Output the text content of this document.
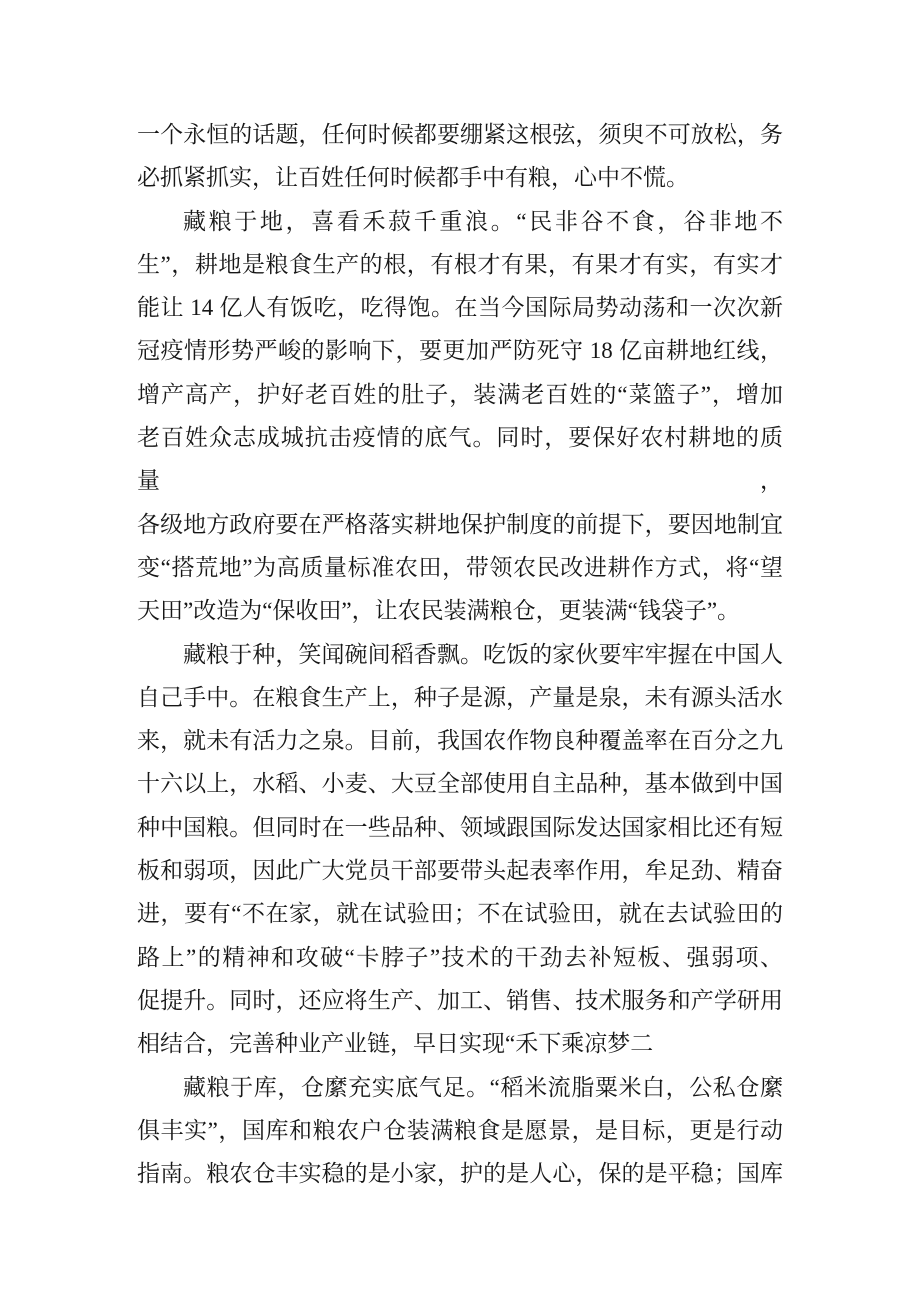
一个永恒的话题，任何时候都要绷紧这根弦，须臾不可放松，务
必抓紧抓实，让百姓任何时候都手中有粮，心中不慌。
藏粮于地，喜看禾菽千重浪。“民非谷不食，谷非地不
生”，耕地是粮食生产的根，有根才有果，有果才有实，有实才
能让 14 亿人有饭吃，吃得饱。在当今国际局势动荡和一次次新
冠疫情形势严峻的影响下，要更加严防死守 18 亿亩耕地红线，
增产高产，护好老百姓的肚子，装满老百姓的“菜篮子”，增加
老百姓众志成城抗击疫情的底气。同时，要保好农村耕地的质量，
各级地方政府要在严格落实耕地保护制度的前提下，要因地制宜
变“搭荒地”为高质量标准农田，带领农民改进耕作方式，将“望
天田”改造为“保收田”，让农民装满粮仓，更装满“钱袋子”。
藏粮于种，笑闻碗间稻香飘。吃饭的家伙要牢牢握在中国人
自己手中。在粮食生产上，种子是源，产量是泉，未有源头活水
来，就未有活力之泉。目前，我国农作物良种覆盖率在百分之九
十六以上，水稻、小麦、大豆全部使用自主品种，基本做到中国
种中国粮。但同时在一些品种、领域跟国际发达国家相比还有短
板和弱项，因此广大党员干部要带头起表率作用，牟足劲、精奋
进，要有“不在家，就在试验田；不在试验田，就在去试验田的
路上”的精神和攻破“卡脖子”技术的干劲去补短板、强弱项、
促提升。同时，还应将生产、加工、销售、技术服务和产学研用
相结合，完善种业产业链，早日实现“禾下乘凉梦二
藏粮于库，仓縻充实底气足。“稻米流脂粟米白，公私仓縻
俱丰实”，国库和粮农户仓装满粮食是愿景，是目标，更是行动
指南。粮农仓丰实稳的是小家，护的是人心，保的是平稳；国库
